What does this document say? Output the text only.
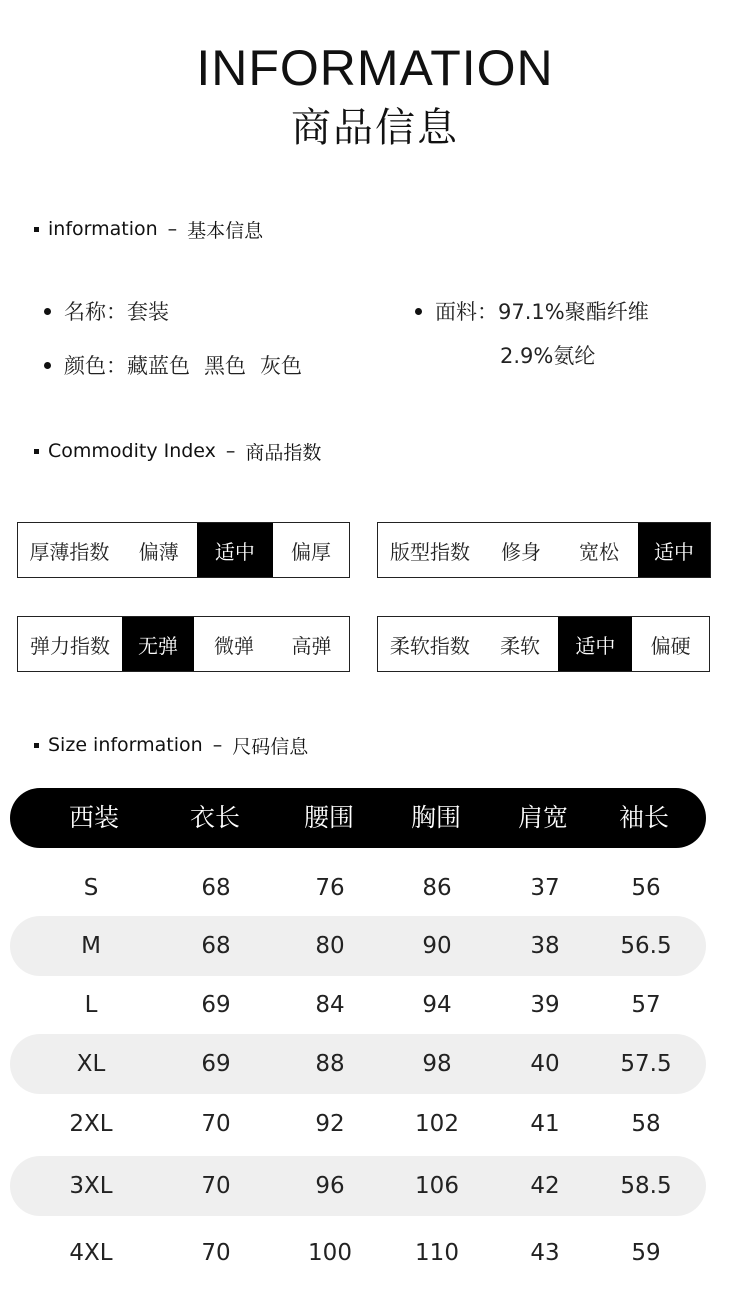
INFORMATION
商品信息
information – 基本信息
名称： 套装
颜色： 藏蓝色 黑色 灰色
面料： 97.1%聚酯纤维
2.9%氨纶
Commodity Index – 商品指数
厚薄指数	偏薄	适中	偏厚	版型指数	修身	宽松	适中
弹力指数	无弹	微弹	高弹	柔软指数	柔软	适中	偏硬
Size information – 尺码信息
西装	衣长	腰围	胸围	肩宽	袖长
S	68	76	86	37	56
M	68	80	90	38	56.5
L	69	84	94	39	57
XL	69	88	98	40	57.5
2XL	70	92	102	41	58
3XL	70	96	106	42	58.5
4XL	70	100	110	43	59
